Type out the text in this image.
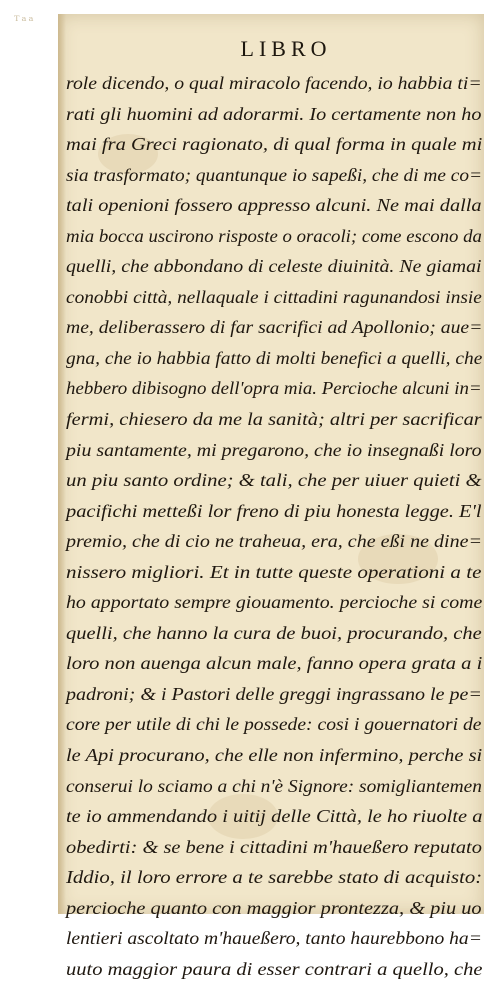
LIBRO
role dicendo, o qual miracolo facendo, io habbia ti=
rati gli huomini ad adorarmi. Io certamente non ho
mai fra Greci ragionato, di qual forma in quale mi
sia trasformato; quantunque io sapeßi, che di me co=
tali openioni fossero appresso alcuni. Ne mai dalla
mia bocca uscirono risposte o oracoli; come escono da
quelli, che abbondano di celeste diuinità. Ne giamai
conobbi città, nellaquale i cittadini ragunandosi insie
me, deliberassero di far sacrifici ad Apollonio; aue=
gna, che io habbia fatto di molti benefici a quelli, che
hebbero dibisogno dell'opra mia. Percioche alcuni in=
fermi, chiesero da me la sanità; altri per sacrificar
piu santamente, mi pregarono, che io insegnaßi loro
un piu santo ordine; & tali, che per uiuer quieti &
pacifichi metteßi lor freno di piu honesta legge. E'l
premio, che di cio ne traheua, era, che eßi ne dine=
nissero migliori. Et in tutte queste operationi a te
ho apportato sempre giouamento. percioche si come
quelli, che hanno la cura de buoi, procurando, che
loro non auenga alcun male, fanno opera grata a i
padroni; & i Pastori delle greggi ingrassano le pe=
core per utile di chi le possede: cosi i gouernatori de
le Api procurano, che elle non infermino, perche si
conserui lo sciamo a chi n'è Signore: somigliantemen
te io ammendando i uitij delle Città, le ho riuolte a
obedirti: & se bene i cittadini m'haueßero reputato
Iddio, il loro errore a te sarebbe stato di acquisto:
percioche quanto con maggior prontezza, & piu uo
lentieri ascoltato m'haueßero, tanto haurebbono ha=
uuto maggior paura di esser contrari a quello, che
ᵀᵃᵃ
